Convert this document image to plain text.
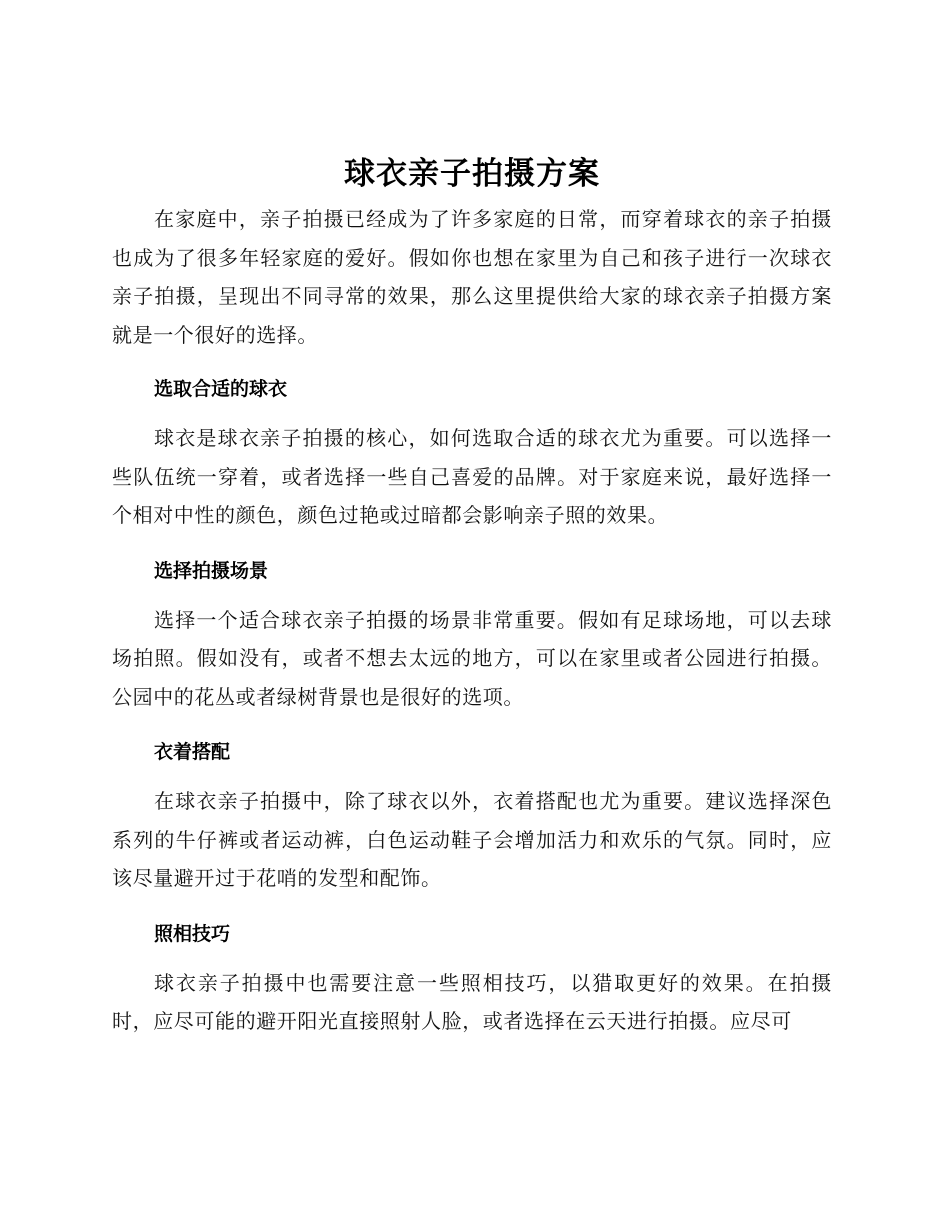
球衣亲子拍摄方案

在家庭中，亲子拍摄已经成为了许多家庭的日常，而穿着球衣的亲子拍摄也成为了很多年轻家庭的爱好。假如你也想在家里为自己和孩子进行一次球衣亲子拍摄，呈现出不同寻常的效果，那么这里提供给大家的球衣亲子拍摄方案就是一个很好的选择。

选取合适的球衣

球衣是球衣亲子拍摄的核心，如何选取合适的球衣尤为重要。可以选择一些队伍统一穿着，或者选择一些自己喜爱的品牌。对于家庭来说，最好选择一个相对中性的颜色，颜色过艳或过暗都会影响亲子照的效果。

选择拍摄场景

选择一个适合球衣亲子拍摄的场景非常重要。假如有足球场地，可以去球场拍照。假如没有，或者不想去太远的地方，可以在家里或者公园进行拍摄。公园中的花丛或者绿树背景也是很好的选项。

衣着搭配

在球衣亲子拍摄中，除了球衣以外，衣着搭配也尤为重要。建议选择深色系列的牛仔裤或者运动裤，白色运动鞋子会增加活力和欢乐的气氛。同时，应该尽量避开过于花哨的发型和配饰。

照相技巧

球衣亲子拍摄中也需要注意一些照相技巧，以猎取更好的效果。在拍摄时，应尽可能的避开阳光直接照射人脸，或者选择在云天进行拍摄。应尽可
